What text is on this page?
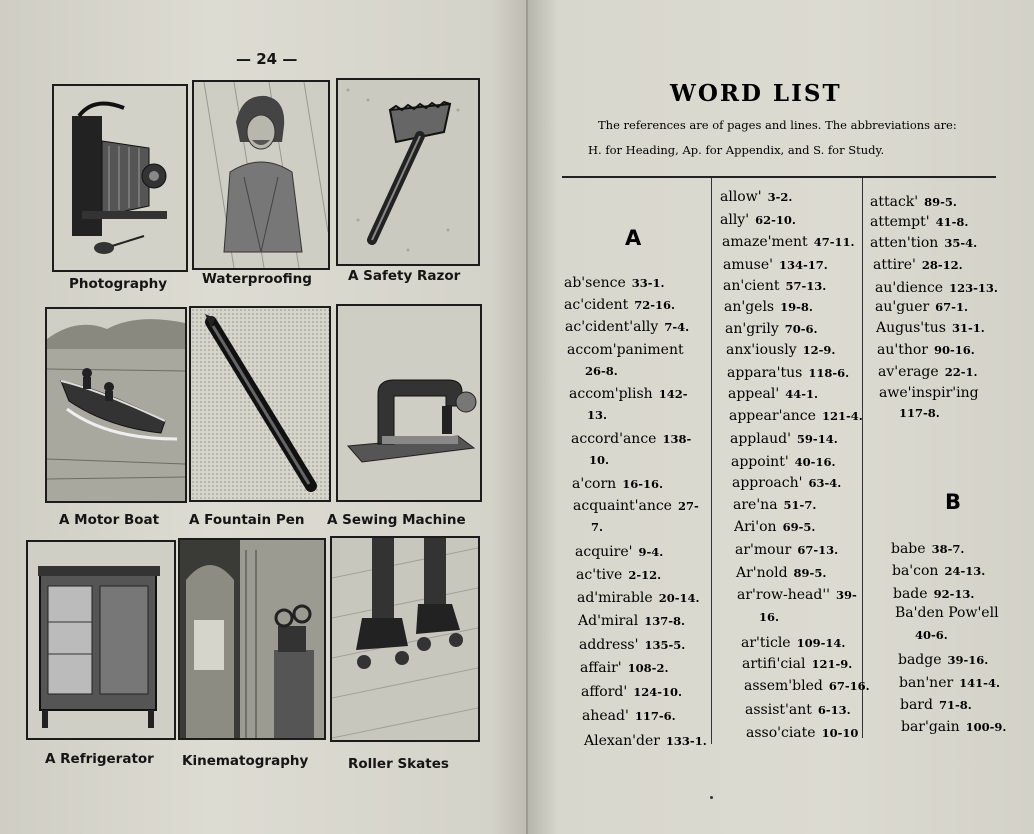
— 24 —
Photography	Waterproofing	A Safety Razor
A Motor Boat A Fountain Pen A Sewing Machine
A Refrigerator Kinematography	Roller Skates
WORD LIST
The references are of pages and lines. The abbreviations are:
H. for Heading, Ap. for Appendix, and S. for Study.
A
B
ab'sence 33-1.
ac'cident 72-16.
ac'cident'ally 7-4.
accom'paniment
26-8.
accom'plish 142-
13.
accord'ance 138-
10.
a'corn 16-16.
acquaint'ance 27-
7.
acquire' 9-4.
ac'tive 2-12.
ad'mirable 20-14.
Ad'miral 137-8.
address' 135-5.
affair' 108-2.
afford' 124-10.
ahead' 117-6.
Alexan'der 133-1.
allow' 3-2.
ally' 62-10.
amaze'ment 47-11.
amuse' 134-17.
an'cient 57-13.
an'gels 19-8.
an'grily 70-6.
anx'iously 12-9.
appara'tus 118-6.
appeal' 44-1.
appear'ance 121-4.
applaud' 59-14.
appoint' 40-16.
approach' 63-4.
are'na 51-7.
Ari'on 69-5.
ar'mour 67-13.
Ar'nold 89-5.
ar'row-head'' 39-
16.
ar'ticle 109-14.
artifi'cial 121-9.
assem'bled 67-16.
assist'ant 6-13.
asso'ciate 10-10
attack' 89-5.
attempt' 41-8.
atten'tion 35-4.
attire' 28-12.
au'dience 123-13.
au'guer 67-1.
Augus'tus 31-1.
au'thor 90-16.
av'erage 22-1.
awe'inspir'ing
117-8.
babe 38-7.
ba'con 24-13.
bade 92-13.
Ba'den Pow'ell
40-6.
badge 39-16.
ban'ner 141-4.
bard 71-8.
bar'gain 100-9.
